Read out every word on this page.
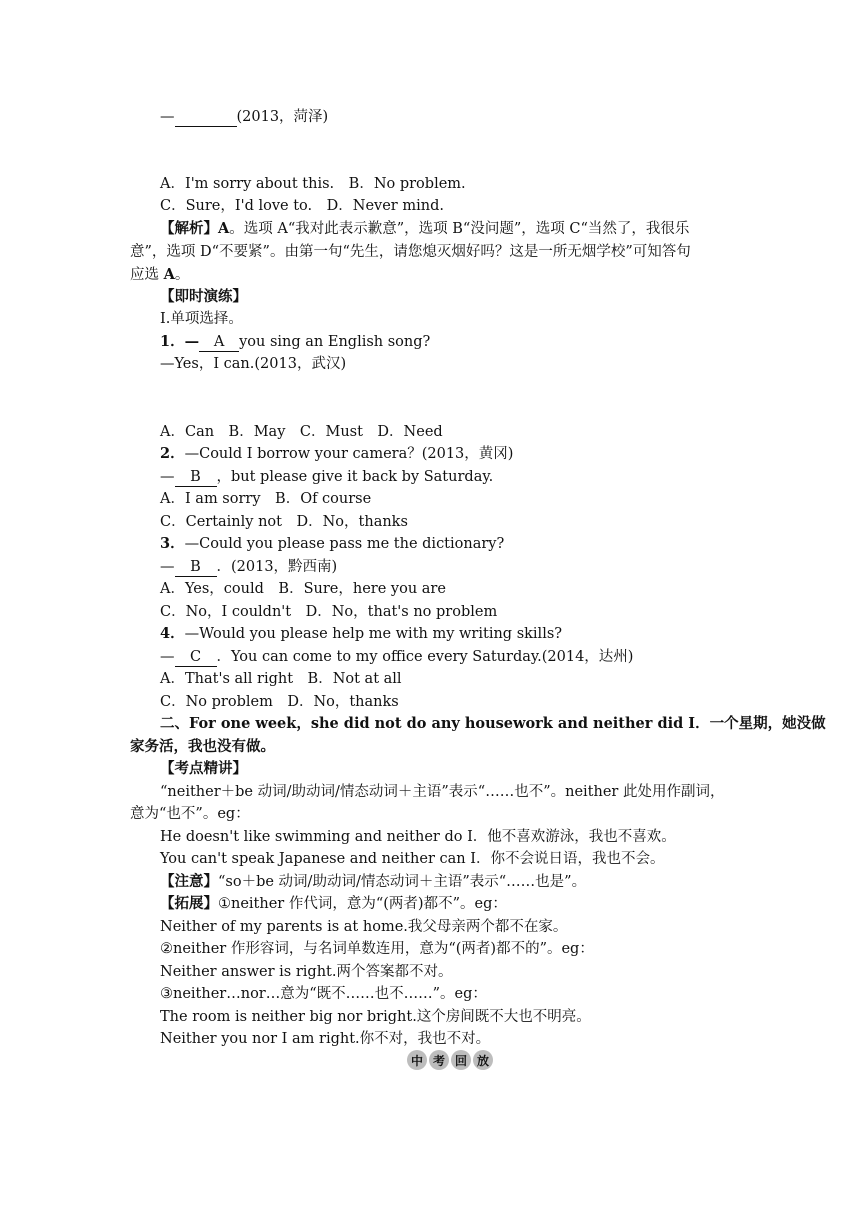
—	(2013，菏泽)
A．I'm sorry about this.　B．No problem.
C．Sure，I'd love to.　D．Never mind.
【解析】A。选项 A“我对此表示歉意”，选项 B“没问题”，选项 C“当然了，我很乐
意”，选项 D“不要紧”。由第一句“先生，请您熄灭烟好吗？这是一所无烟学校”可知答句
应选 A。
【即时演练】
Ⅰ.单项选择。
1．— A you sing an English song?
—Yes，I can.(2013，武汉)
A．Can　B．May　C．Must　D．Need
2．—Could I borrow your camera？(2013，黄冈)
— B ，but please give it back by Saturday.
A．I am sorry　B．Of course
C．Certainly not　D．No，thanks
3．—Could you please pass me the dictionary?
— B ．(2013，黔西南)
A．Yes，could　B．Sure，here you are
C．No，I couldn't　D．No，that's no problem
4．—Would you please help me with my writing skills?
— C ．You can come to my office every Saturday.(2014，达州)
A．That's all right　B．Not at all
C．No problem　D．No，thanks
二、For one week，she did not do any housework and neither did I．一个星期，她没做
家务活，我也没有做。
【考点精讲】
“neither＋be 动词/助动词/情态动词＋主语”表示“……也不”。neither 此处用作副词，
意为“也不”。eg：
He doesn't like swimming and neither do I．他不喜欢游泳，我也不喜欢。
You can't speak Japanese and neither can I．你不会说日语，我也不会。
【注意】“so＋be 动词/助动词/情态动词＋主语”表示“……也是”。
【拓展】①neither 作代词，意为“(两者)都不”。eg：
Neither of my parents is at home.我父母亲两个都不在家。
②neither 作形容词，与名词单数连用，意为“(两者)都不的”。eg：
Neither answer is right.两个答案都不对。
③neither…nor…意为“既不……也不……”。eg：
The room is neither big nor bright.这个房间既不大也不明亮。
Neither you nor I am right.你不对，我也不对。
中 考 回 放
